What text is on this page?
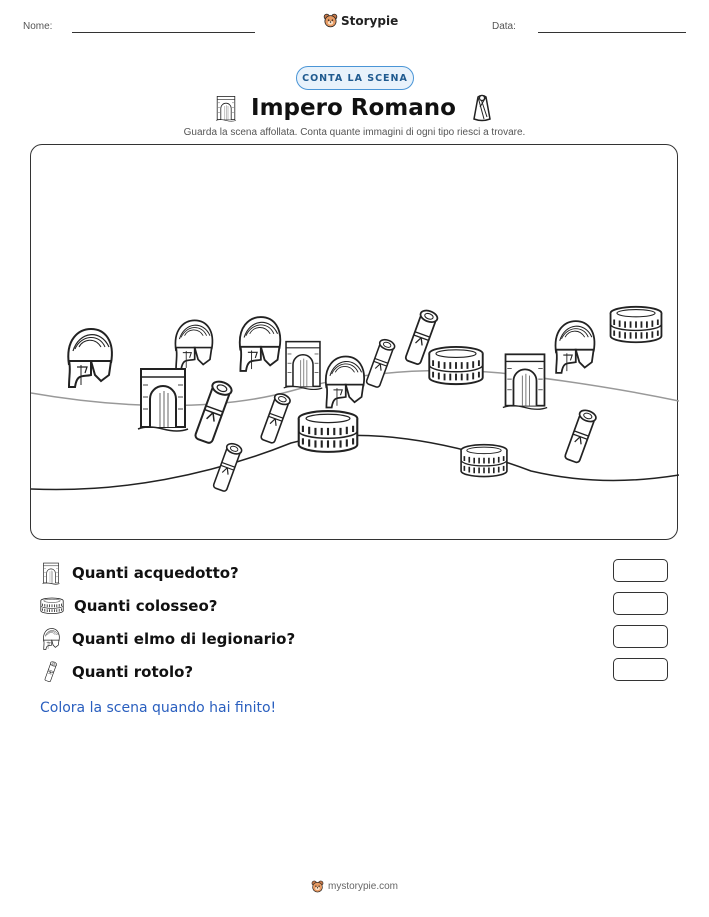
Nome:	Storypie	Data:
CONTA LA SCENA
Impero Romano
Guarda la scena affollata. Conta quante immagini di ogni tipo riesci a trovare.
Quanti acquedotto?
Quanti colosseo?
Quanti elmo di legionario?
Quanti rotolo?
Colora la scena quando hai finito!
mystorypie.com
